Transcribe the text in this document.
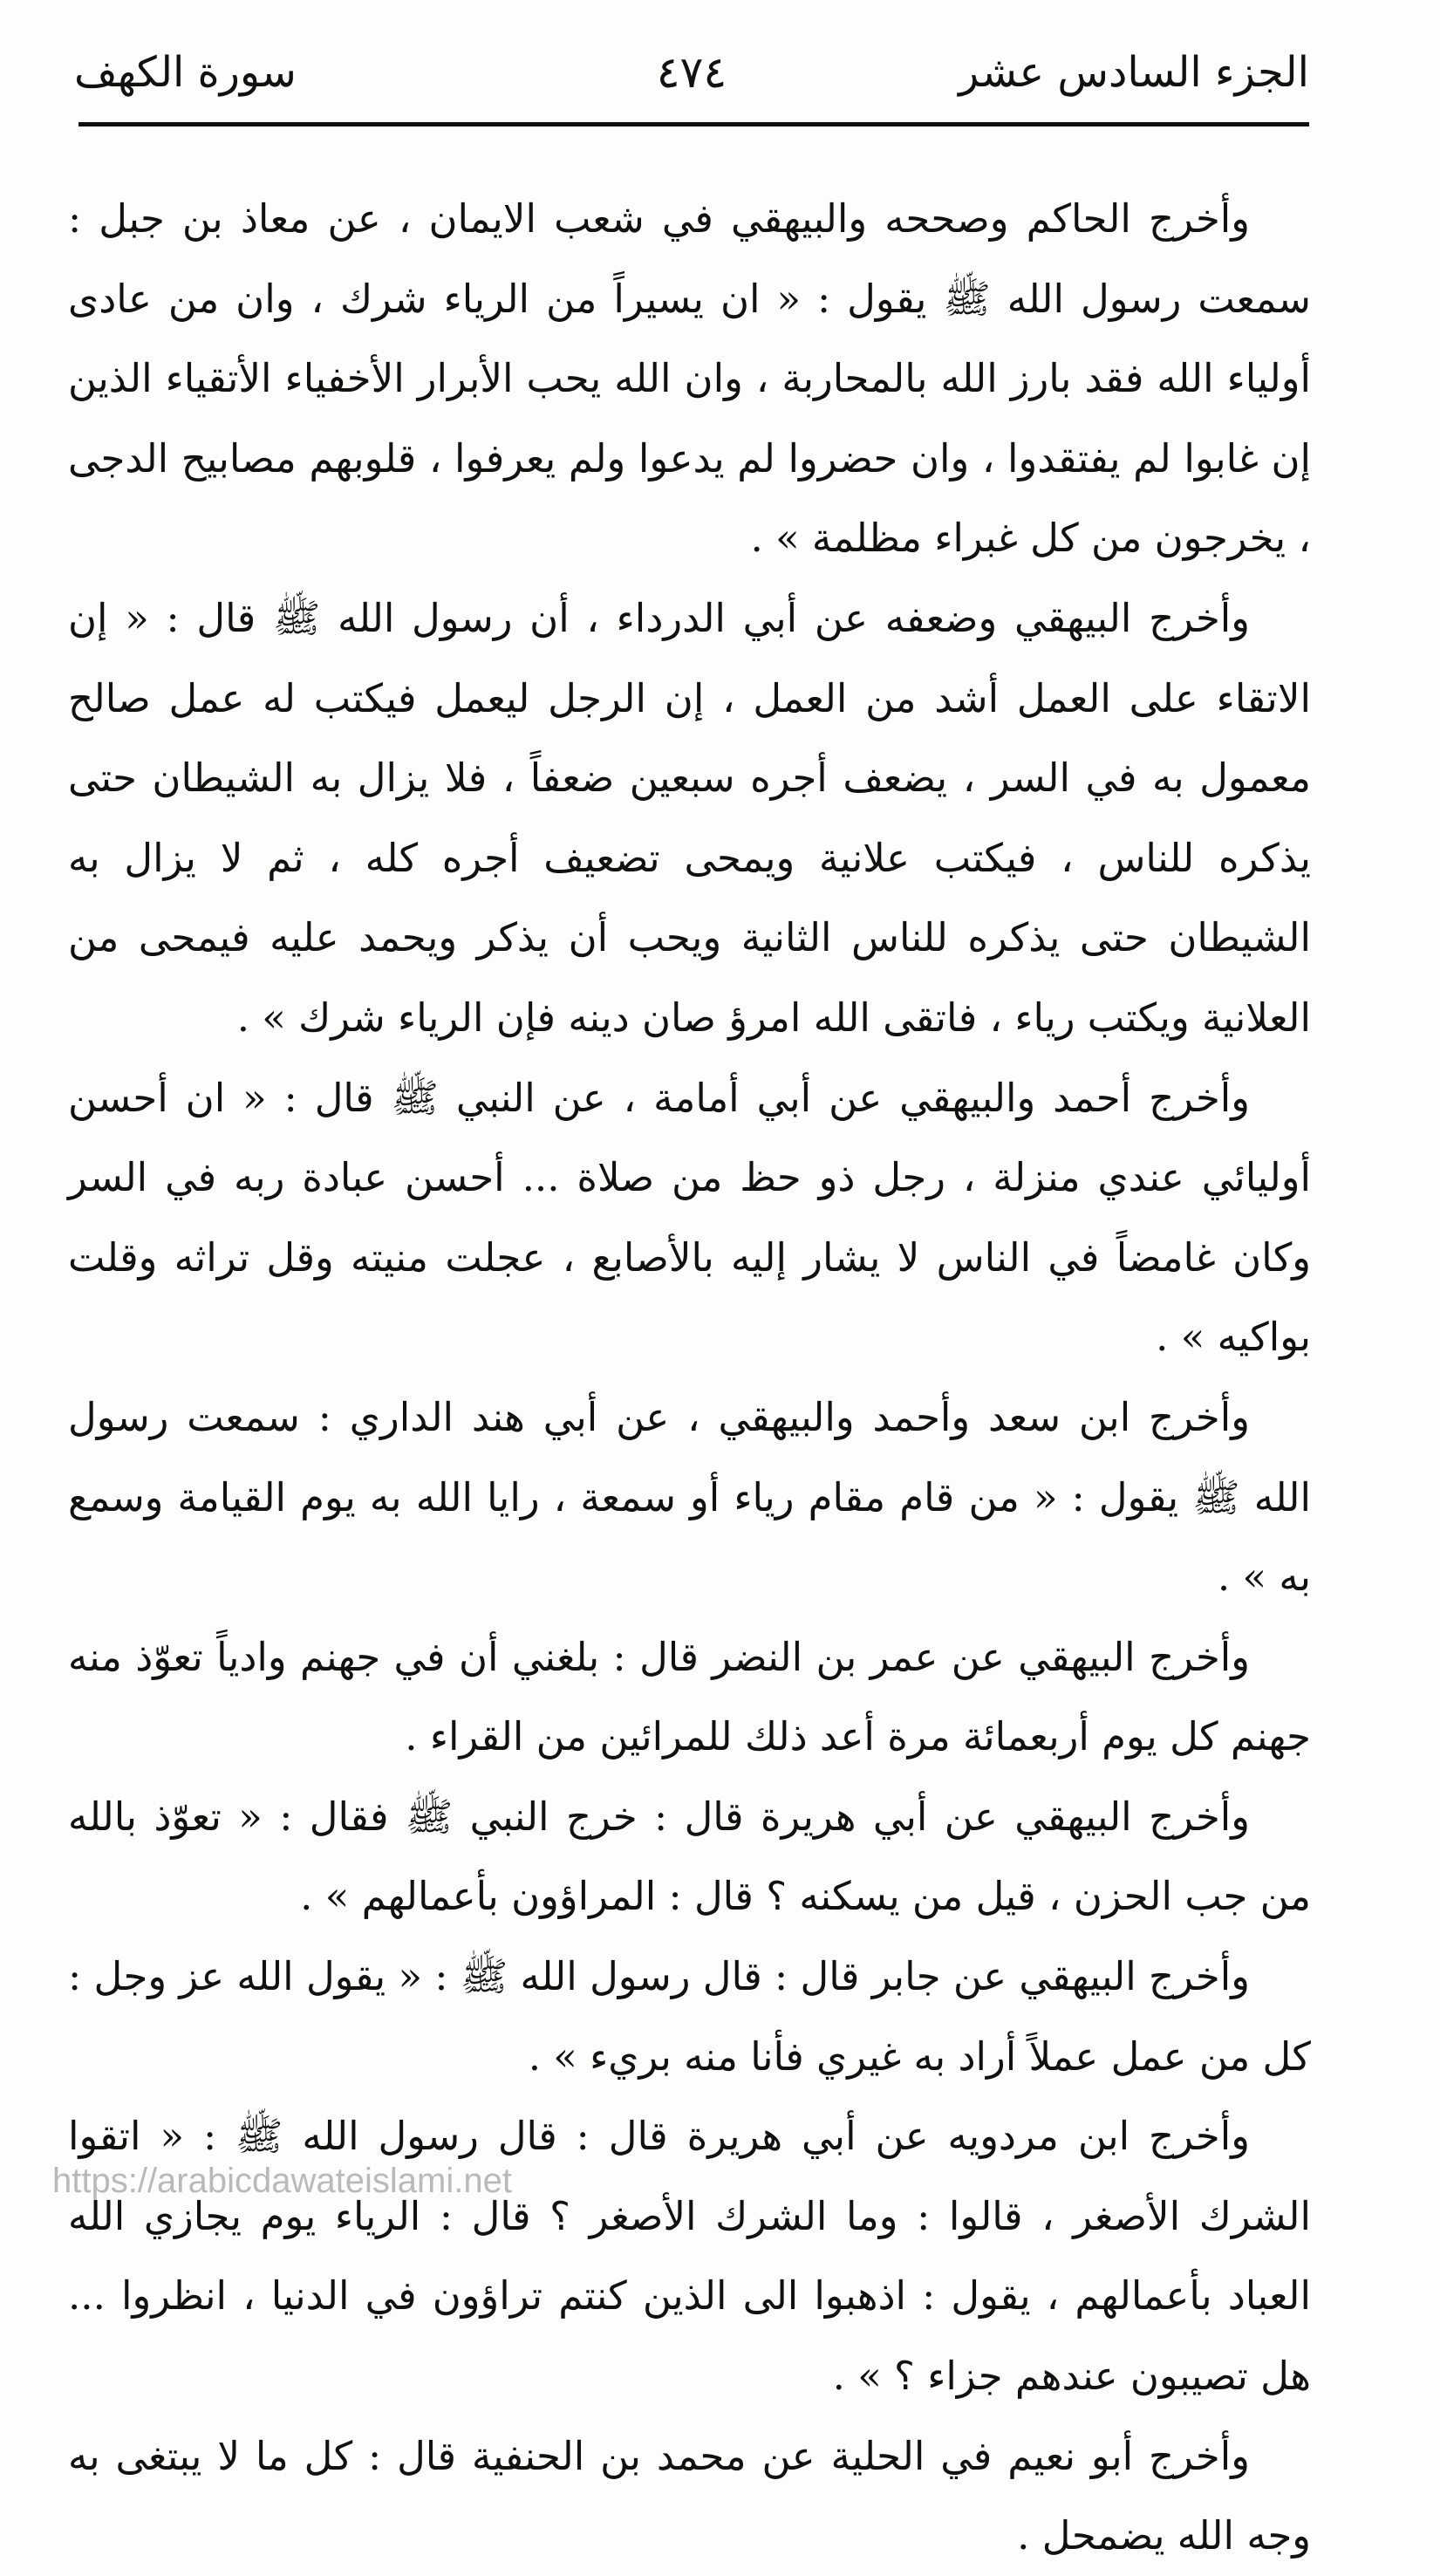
الجزء السادس عشر
٤٧٤
سورة الكهف

وأخرج الحاكم وصححه والبيهقي في شعب الايمان ، عن معاذ بن جبل : سمعت رسول الله ﷺ يقول : « ان يسيراً من الرياء شرك ، وان من عادى أولياء الله فقد بارز الله بالمحاربة ، وان الله يحب الأبرار الأخفياء الأتقياء الذين إن غابوا لم يفتقدوا ، وان حضروا لم يدعوا ولم يعرفوا ، قلوبهم مصابيح الدجى ، يخرجون من كل غبراء مظلمة » .

وأخرج البيهقي وضعفه عن أبي الدرداء ، أن رسول الله ﷺ قال : « إن الاتقاء على العمل أشد من العمل ، إن الرجل ليعمل فيكتب له عمل صالح معمول به في السر ، يضعف أجره سبعين ضعفاً ، فلا يزال به الشيطان حتى يذكره للناس ، فيكتب علانية ويمحى تضعيف أجره كله ، ثم لا يزال به الشيطان حتى يذكره للناس الثانية ويحب أن يذكر ويحمد عليه فيمحى من العلانية ويكتب رياء ، فاتقى الله امرؤ صان دينه فإن الرياء شرك » .

وأخرج أحمد والبيهقي عن أبي أمامة ، عن النبي ﷺ قال : « ان أحسن أوليائي عندي منزلة ، رجل ذو حظ من صلاة ... أحسن عبادة ربه في السر وكان غامضاً في الناس لا يشار إليه بالأصابع ، عجلت منيته وقل تراثه وقلت بواكيه » .

وأخرج ابن سعد وأحمد والبيهقي ، عن أبي هند الداري : سمعت رسول الله ﷺ يقول : « من قام مقام رياء أو سمعة ، رايا الله به يوم القيامة وسمع به » .

وأخرج البيهقي عن عمر بن النضر قال : بلغني أن في جهنم وادياً تعوّذ منه جهنم كل يوم أربعمائة مرة أعد ذلك للمرائين من القراء .

وأخرج البيهقي عن أبي هريرة قال : خرج النبي ﷺ فقال : « تعوّذ بالله من جب الحزن ، قيل من يسكنه ؟ قال : المراؤون بأعمالهم » .

وأخرج البيهقي عن جابر قال : قال رسول الله ﷺ : « يقول الله عز وجل : كل من عمل عملاً أراد به غيري فأنا منه بريء » .

وأخرج ابن مردويه عن أبي هريرة قال : قال رسول الله ﷺ : « اتقوا الشرك الأصغر ، قالوا : وما الشرك الأصغر ؟ قال : الرياء يوم يجازي الله العباد بأعمالهم ، يقول : اذهبوا الى الذين كنتم تراؤون في الدنيا ، انظروا ... هل تصيبون عندهم جزاء ؟ » .

وأخرج أبو نعيم في الحلية عن محمد بن الحنفية قال : كل ما لا يبتغى به وجه الله يضمحل .

https://arabicdawateislami.net
